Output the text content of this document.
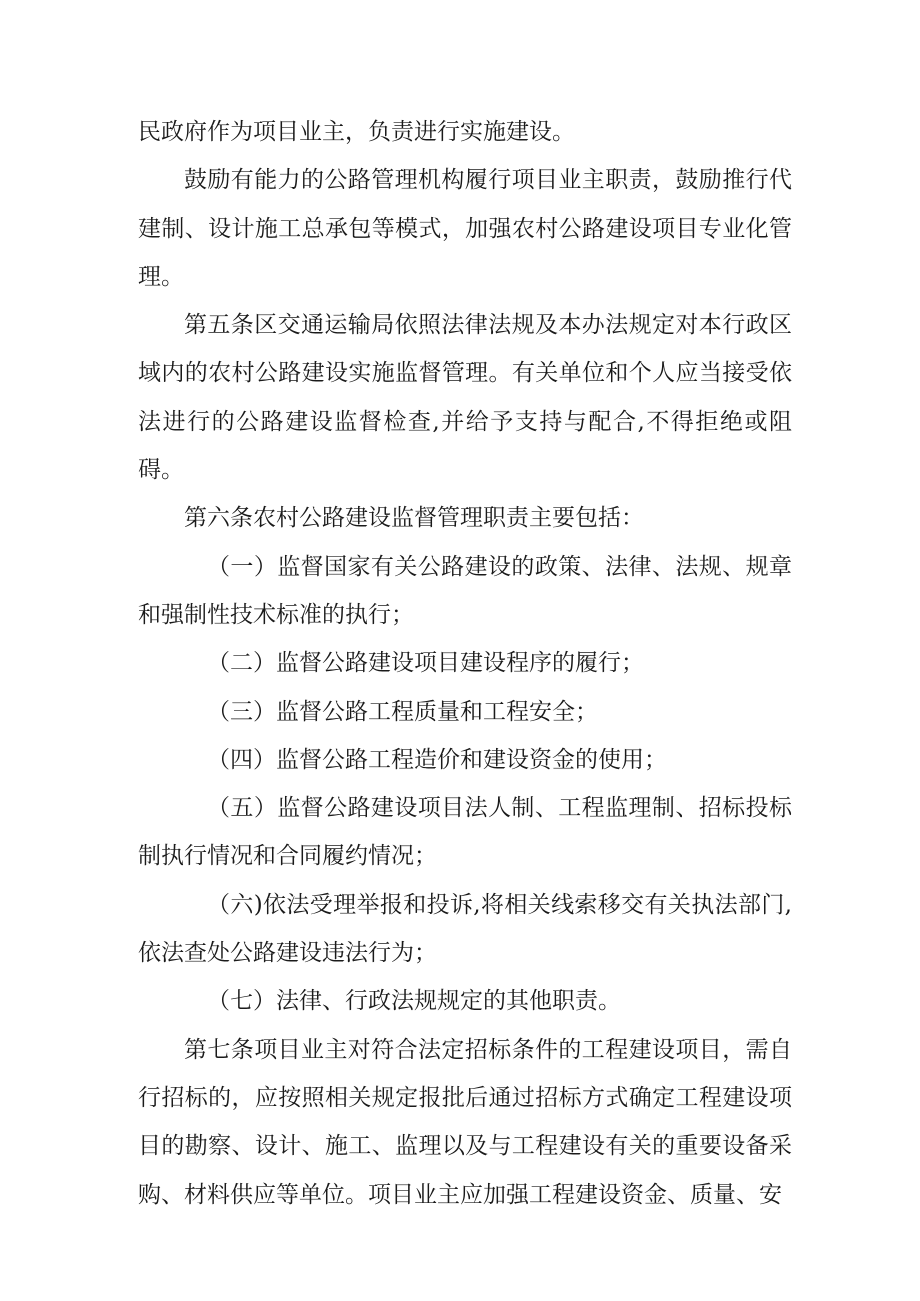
民政府作为项目业主，负责进行实施建设。

鼓励有能力的公路管理机构履行项目业主职责，鼓励推行代建制、设计施工总承包等模式，加强农村公路建设项目专业化管理。

第五条区交通运输局依照法律法规及本办法规定对本行政区域内的农村公路建设实施监督管理。有关单位和个人应当接受依法进行的公路建设监督检查,并给予支持与配合,不得拒绝或阻碍。

第六条农村公路建设监督管理职责主要包括：

（一）监督国家有关公路建设的政策、法律、法规、规章和强制性技术标准的执行；

（二）监督公路建设项目建设程序的履行；

（三）监督公路工程质量和工程安全；

（四）监督公路工程造价和建设资金的使用；

（五）监督公路建设项目法人制、工程监理制、招标投标制执行情况和合同履约情况；

（六)依法受理举报和投诉,将相关线索移交有关执法部门,依法查处公路建设违法行为；

（七）法律、行政法规规定的其他职责。

第七条项目业主对符合法定招标条件的工程建设项目，需自行招标的，应按照相关规定报批后通过招标方式确定工程建设项目的勘察、设计、施工、监理以及与工程建设有关的重要设备采购、材料供应等单位。项目业主应加强工程建设资金、质量、安
